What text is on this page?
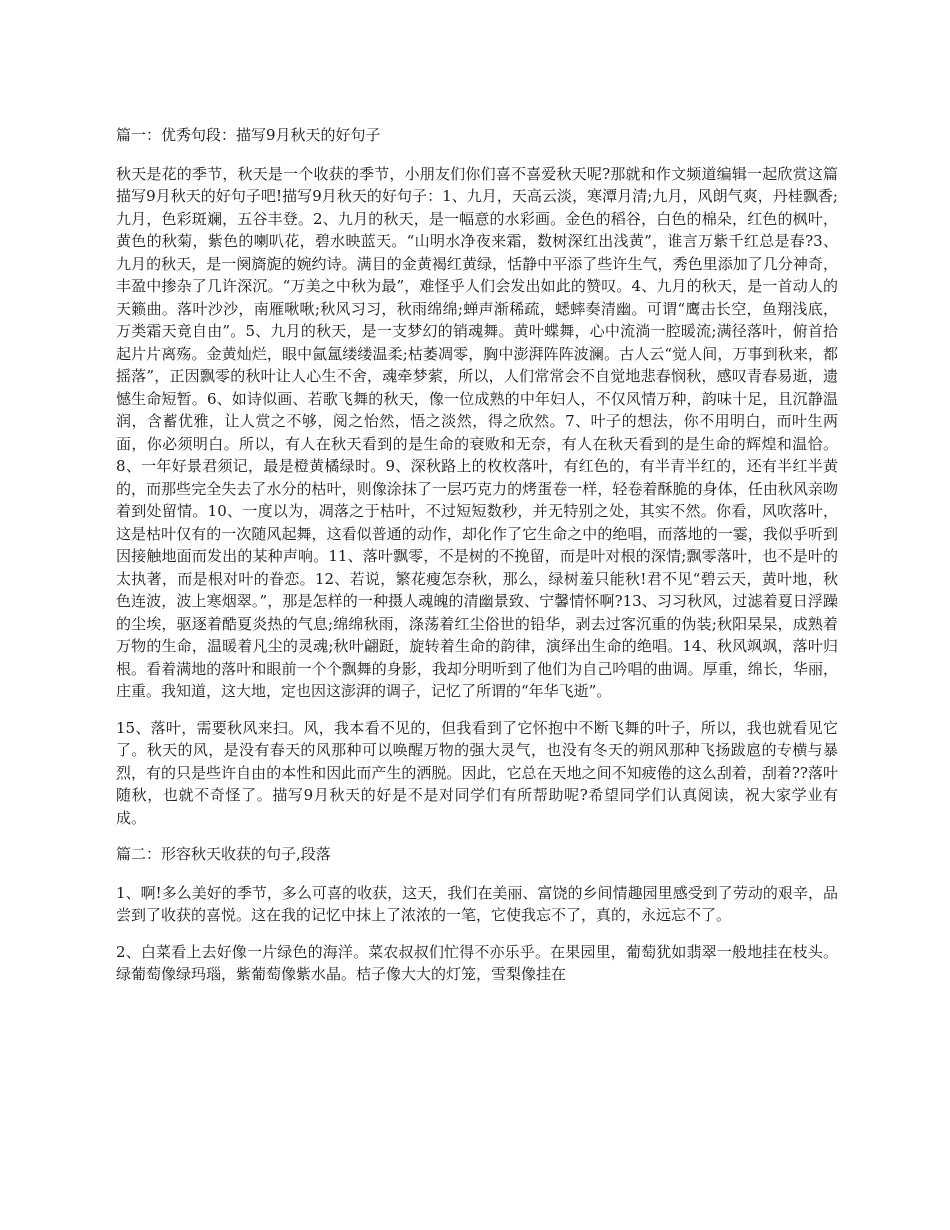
篇一：优秀句段：描写9月秋天的好句子

秋天是花的季节，秋天是一个收获的季节，小朋友们你们喜不喜爱秋天呢?那就和作文频道编辑一起欣赏这篇描写9月秋天的好句子吧!描写9月秋天的好句子：1、九月，天高云淡，寒潭月清;九月，风朗气爽，丹桂飘香;九月，色彩斑斓，五谷丰登。2、九月的秋天，是一幅意的水彩画。金色的稻谷，白色的棉朵，红色的枫叶，黄色的秋菊，紫色的喇叭花，碧水映蓝天。“山明水净夜来霜，数树深红出浅黄”，谁言万紫千红总是春?3、九月的秋天，是一阕旖旎的婉约诗。满目的金黄褐红黄绿，恬静中平添了些许生气，秀色里添加了几分神奇，丰盈中掺杂了几许深沉。“万美之中秋为最”，难怪乎人们会发出如此的赞叹。4、九月的秋天，是一首动人的天籁曲。落叶沙沙，南雁啾啾;秋风习习，秋雨绵绵;蝉声渐稀疏，蟋蟀奏清幽。可谓“鹰击长空，鱼翔浅底，万类霜天竟自由”。5、九月的秋天，是一支梦幻的销魂舞。黄叶蝶舞，心中流淌一腔暖流;满径落叶，俯首拾起片片离殇。金黄灿烂，眼中氤氲缕缕温柔;枯萎凋零，胸中澎湃阵阵波澜。古人云“觉人间，万事到秋来，都摇落”，正因飘零的秋叶让人心生不舍，魂牵梦萦，所以，人们常常会不自觉地悲春悯秋，感叹青春易逝，遗憾生命短暂。6、如诗似画、若歌飞舞的秋天，像一位成熟的中年妇人，不仅风情万种，韵味十足，且沉静温润，含蓄优雅，让人赏之不够，阅之怡然，悟之淡然，得之欣然。7、叶子的想法，你不用明白，而叶生两面，你必须明白。所以，有人在秋天看到的是生命的衰败和无奈，有人在秋天看到的是生命的辉煌和温恰。8、一年好景君须记，最是橙黄橘绿时。9、深秋路上的枚枚落叶，有红色的，有半青半红的，还有半红半黄的，而那些完全失去了水分的枯叶，则像涂抹了一层巧克力的烤蛋卷一样，轻卷着酥脆的身体，任由秋风亲吻着到处留情。10、一度以为，凋落之于枯叶，不过短短数秒，并无特别之处，其实不然。你看，风吹落叶，这是枯叶仅有的一次随风起舞，这看似普通的动作，却化作了它生命之中的绝唱，而落地的一霎，我似乎听到因接触地面而发出的某种声响。11、落叶飘零，不是树的不挽留，而是叶对根的深情;飘零落叶，也不是叶的太执著，而是根对叶的眷恋。12、若说，繁花瘦怎奈秋，那么，绿树羞只能秋!君不见“碧云天，黄叶地，秋色连波，波上寒烟翠。”，那是怎样的一种摄人魂魄的清幽景致、宁馨情怀啊?13、习习秋风，过滤着夏日浮躁的尘埃，驱逐着酷夏炎热的气息;绵绵秋雨，涤荡着红尘俗世的铅华，剥去过客沉重的伪装;秋阳杲杲，成熟着万物的生命，温暖着凡尘的灵魂;秋叶翩跹，旋转着生命的韵律，演绎出生命的绝唱。14、秋风飒飒，落叶归根。看着满地的落叶和眼前一个个飘舞的身影，我却分明听到了他们为自己吟唱的曲调。厚重，绵长，华丽，庄重。我知道，这大地，定也因这澎湃的调子，记忆了所谓的“年华飞逝”。

15、落叶，需要秋风来扫。风，我本看不见的，但我看到了它怀抱中不断飞舞的叶子，所以，我也就看见它了。秋天的风，是没有春天的风那种可以唤醒万物的强大灵气，也没有冬天的朔风那种飞扬跋扈的专横与暴烈，有的只是些许自由的本性和因此而产生的洒脱。因此，它总在天地之间不知疲倦的这么刮着，刮着??落叶随秋，也就不奇怪了。描写9月秋天的好是不是对同学们有所帮助呢?希望同学们认真阅读，祝大家学业有成。

篇二：形容秋天收获的句子,段落

1、啊!多么美好的季节，多么可喜的收获，这天，我们在美丽、富饶的乡间情趣园里感受到了劳动的艰辛，品尝到了收获的喜悦。这在我的记忆中抹上了浓浓的一笔，它使我忘不了，真的，永远忘不了。

2、白菜看上去好像一片绿色的海洋。菜农叔叔们忙得不亦乐乎。在果园里，葡萄犹如翡翠一般地挂在枝头。绿葡萄像绿玛瑙，紫葡萄像紫水晶。桔子像大大的灯笼，雪梨像挂在
